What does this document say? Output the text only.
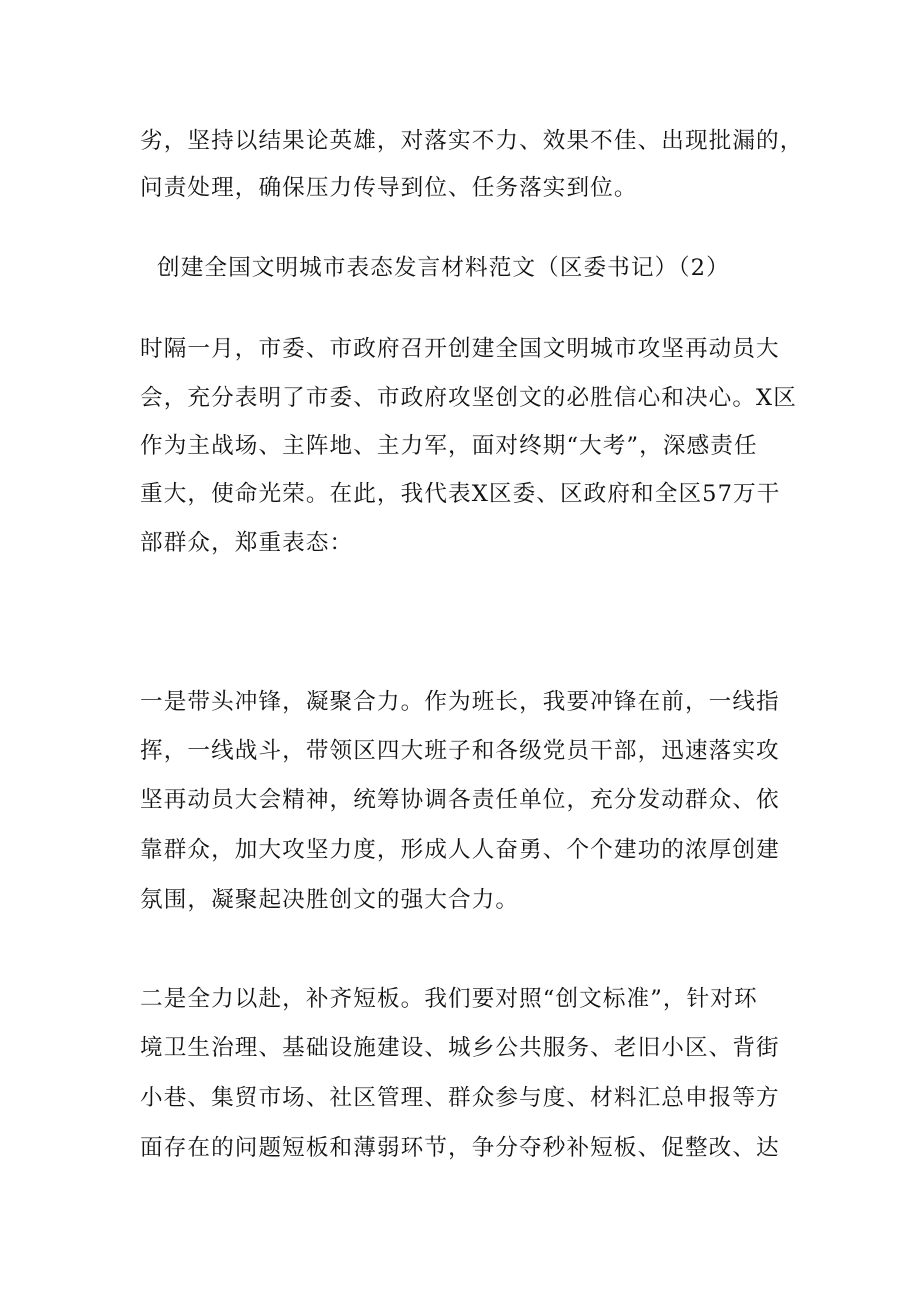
劣，坚持以结果论英雄，对落实不力、效果不佳、出现批漏的，
问责处理，确保压力传导到位、任务落实到位。
创建全国文明城市表态发言材料范文（区委书记）（2）
时隔一月，市委、市政府召开创建全国文明城市攻坚再动员大
会，充分表明了市委、市政府攻坚创文的必胜信心和决心。X区
作为主战场、主阵地、主力军，面对终期“大考”，深感责任
重大，使命光荣。在此，我代表X区委、区政府和全区57万干
部群众，郑重表态：
一是带头冲锋，凝聚合力。作为班长，我要冲锋在前，一线指
挥，一线战斗，带领区四大班子和各级党员干部，迅速落实攻
坚再动员大会精神，统筹协调各责任单位，充分发动群众、依
靠群众，加大攻坚力度，形成人人奋勇、个个建功的浓厚创建
氛围，凝聚起决胜创文的强大合力。
二是全力以赴，补齐短板。我们要对照“创文标准”，针对环
境卫生治理、基础设施建设、城乡公共服务、老旧小区、背街
小巷、集贸市场、社区管理、群众参与度、材料汇总申报等方
面存在的问题短板和薄弱环节，争分夺秒补短板、促整改、达
